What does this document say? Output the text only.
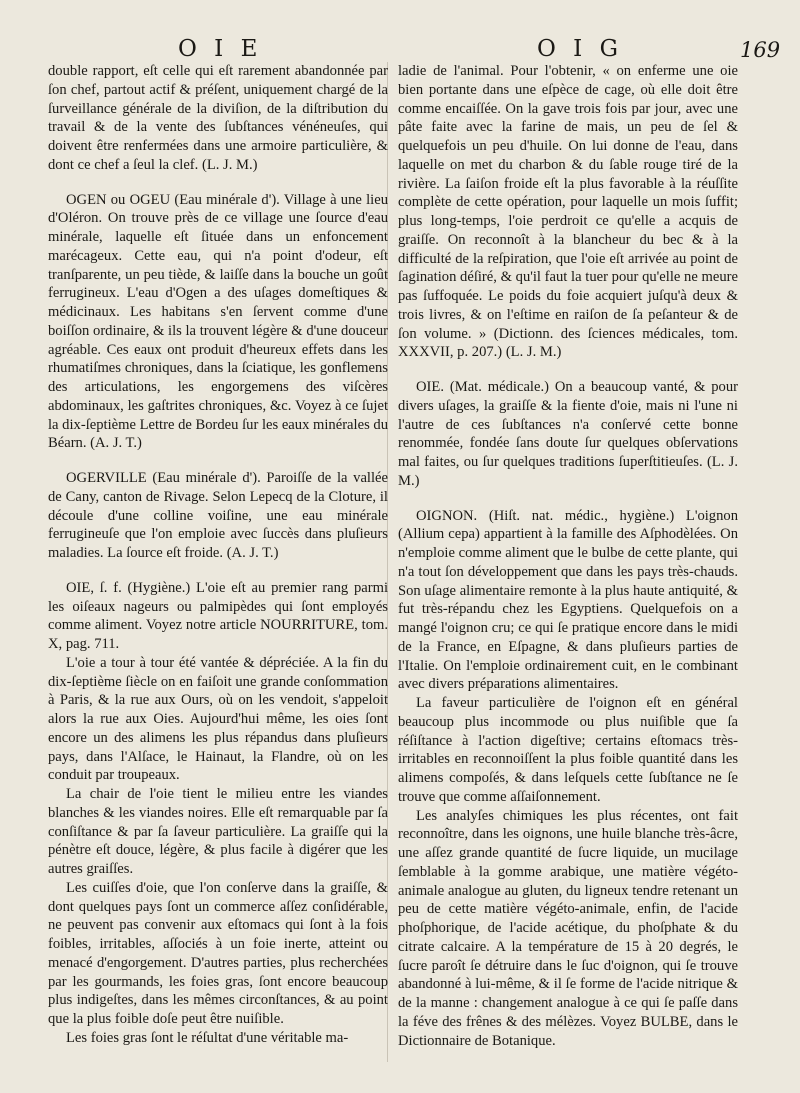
O I E	O I G	169

double rapport, eſt celle qui eſt rarement abandonnée par ſon chef, partout actif & préſent, uniquement chargé de la ſurveillance générale de la diviſion, de la diſtribution du travail & de la vente des ſubſtances vénéneuſes, qui doivent être renfermées dans une armoire particulière, & dont ce chef a ſeul la clef. (L. J. M.)

OGEN ou OGEU (Eau minérale d'). Village à une lieu d'Oléron. On trouve près de ce village une ſource d'eau minérale, laquelle eſt ſituée dans un enfoncement marécageux. Cette eau, qui n'a point d'odeur, eſt tranſparente, un peu tiède, & laiſſe dans la bouche un goût ferrugineux. L'eau d'Ogen a des uſages domeſtiques & médicinaux. Les habitans s'en ſervent comme d'une boiſſon ordinaire, & ils la trouvent légère & d'une douceur agréable. Ces eaux ont produit d'heureux effets dans les rhumatiſmes chroniques, dans la ſciatique, les gonflemens des articulations, les engorgemens des viſcères abdominaux, les gaſtrites chroniques, &c. Voyez à ce ſujet la dix-ſeptième Lettre de Bordeu ſur les eaux minérales du Béarn. (A. J. T.)

OGERVILLE (Eau minérale d'). Paroiſſe de la vallée de Cany, canton de Rivage. Selon Lepecq de la Cloture, il découle d'une colline voiſine, une eau minérale ferrugineuſe que l'on emploie avec ſuccès dans pluſieurs maladies. La ſource eſt froide. (A. J. T.)

OIE, ſ. f. (Hygiène.) L'oie eſt au premier rang parmi les oiſeaux nageurs ou palmipèdes qui ſont employés comme aliment. Voyez notre article NOURRITURE, tom. X, pag. 711.

L'oie a tour à tour été vantée & dépréciée. A la fin du dix-ſeptième ſiècle on en faiſoit une grande conſommation à Paris, & la rue aux Ours, où on les vendoit, s'appeloit alors la rue aux Oies. Aujourd'hui même, les oies ſont encore un des alimens les plus répandus dans pluſieurs pays, dans l'Alſace, le Hainaut, la Flandre, où on les conduit par troupeaux.

La chair de l'oie tient le milieu entre les viandes blanches & les viandes noires. Elle eſt remarquable par ſa conſiſtance & par ſa ſaveur particulière. La graiſſe qui la pénètre eſt douce, légère, & plus facile à digérer que les autres graiſſes.

Les cuiſſes d'oie, que l'on conſerve dans la graiſſe, & dont quelques pays ſont un commerce aſſez conſidérable, ne peuvent pas convenir aux eſtomacs qui ſont à la fois foibles, irritables, aſſociés à un foie inerte, atteint ou menacé d'engorgement. D'autres parties, plus recherchées par les gourmands, les foies gras, ſont encore beaucoup plus indigeſtes, dans les mêmes circonſtances, & au point que la plus foible doſe peut être nuiſible.

Les foies gras ſont le réſultat d'une véritable ma-

ladie de l'animal. Pour l'obtenir, « on enferme une oie bien portante dans une eſpèce de cage, où elle doit être comme encaiſſée. On la gave trois fois par jour, avec une pâte faite avec la farine de mais, un peu de ſel & quelquefois un peu d'huile. On lui donne de l'eau, dans laquelle on met du charbon & du ſable rouge tiré de la rivière. La ſaiſon froide eſt la plus favorable à la réuſſite complète de cette opération, pour laquelle un mois ſuffit; plus long-temps, l'oie perdroit ce qu'elle a acquis de graiſſe. On reconnoît à la blancheur du bec & à la difficulté de la reſpiration, que l'oie eſt arrivée au point de ſagination déſiré, & qu'il faut la tuer pour qu'elle ne meure pas ſuffoquée. Le poids du foie acquiert juſqu'à deux & trois livres, & on l'eſtime en raiſon de ſa peſanteur & de ſon volume. » (Dictionn. des ſciences médicales, tom. XXXVII, p. 207.) (L. J. M.)

OIE. (Mat. médicale.) On a beaucoup vanté, & pour divers uſages, la graiſſe & la fiente d'oie, mais ni l'une ni l'autre de ces ſubſtances n'a conſervé cette bonne renommée, fondée ſans doute ſur quelques obſervations mal faites, ou ſur quelques traditions ſuperſtitieuſes. (L. J. M.)

OIGNON. (Hiſt. nat. médic., hygiène.) L'oignon (Allium cepa) appartient à la famille des Aſphodèlées. On n'emploie comme aliment que le bulbe de cette plante, qui n'a tout ſon développement que dans les pays très-chauds. Son uſage alimentaire remonte à la plus haute antiquité, & fut très-répandu chez les Egyptiens. Quelquefois on a mangé l'oignon cru; ce qui ſe pratique encore dans le midi de la France, en Eſpagne, & dans pluſieurs parties de l'Italie. On l'emploie ordinairement cuit, en le combinant avec divers préparations alimentaires.

La faveur particulière de l'oignon eſt en général beaucoup plus incommode ou plus nuiſible que ſa réſiſtance à l'action digeſtive; certains eſtomacs très-irritables en reconnoiſſent la plus foible quantité dans les alimens compoſés, & dans leſquels cette ſubſtance ne ſe trouve que comme aſſaiſonnement.

Les analyſes chimiques les plus récentes, ont fait reconnoître, dans les oignons, une huile blanche très-âcre, une aſſez grande quantité de ſucre liquide, un mucilage ſemblable à la gomme arabique, une matière végéto-animale analogue au gluten, du ligneux tendre retenant un peu de cette matière végéto-animale, enfin, de l'acide phoſphorique, de l'acide acétique, du phoſphate & du citrate calcaire. A la température de 15 à 20 degrés, le ſucre paroît ſe détruire dans le ſuc d'oignon, qui ſe trouve abandonné à lui-même, & il ſe forme de l'acide nitrique & de la manne : changement analogue à ce qui ſe paſſe dans la féve des frênes & des mélèzes. Voyez BULBE, dans le Dictionnaire de Botanique.
